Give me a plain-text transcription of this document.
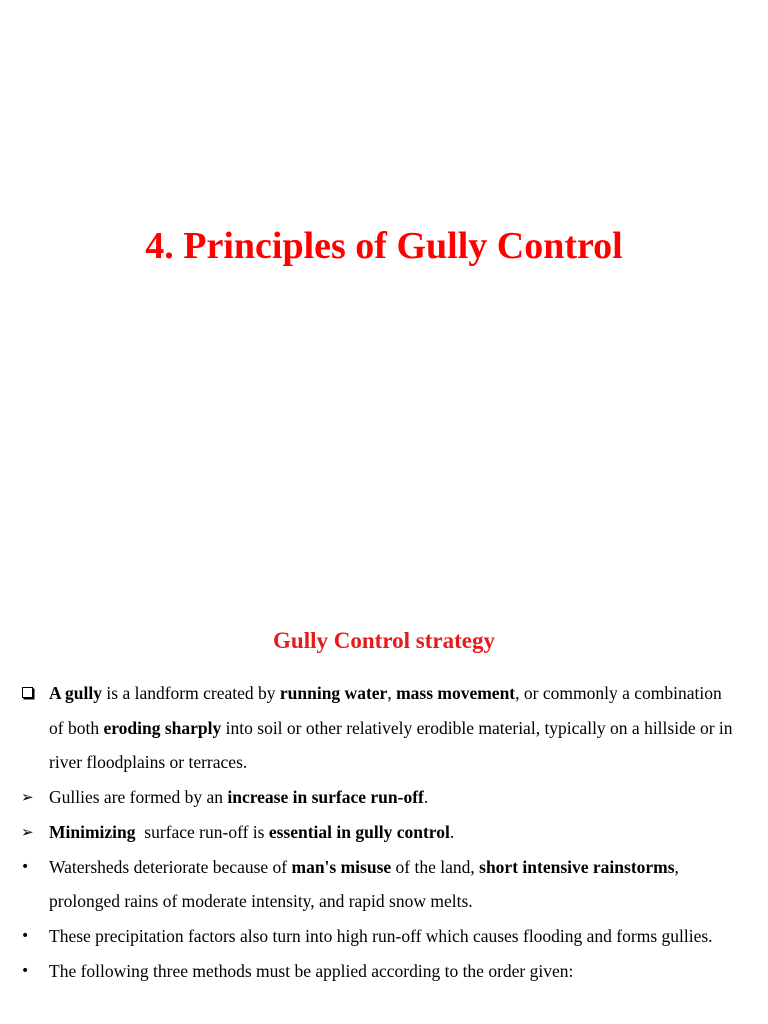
4. Principles of Gully Control
Gully Control strategy
A gully is a landform created by running water, mass movement, or commonly a combination of both eroding sharply into soil or other relatively erodible material, typically on a hillside or in river floodplains or terraces.
➢ Gullies are formed by an increase in surface run-off.
➢ Minimizing  surface run-off is essential in gully control.
• Watersheds deteriorate because of man's misuse of the land, short intensive rainstorms, prolonged rains of moderate intensity, and rapid snow melts.
• These precipitation factors also turn into high run-off which causes flooding and forms gullies.
• The following three methods must be applied according to the order given:
